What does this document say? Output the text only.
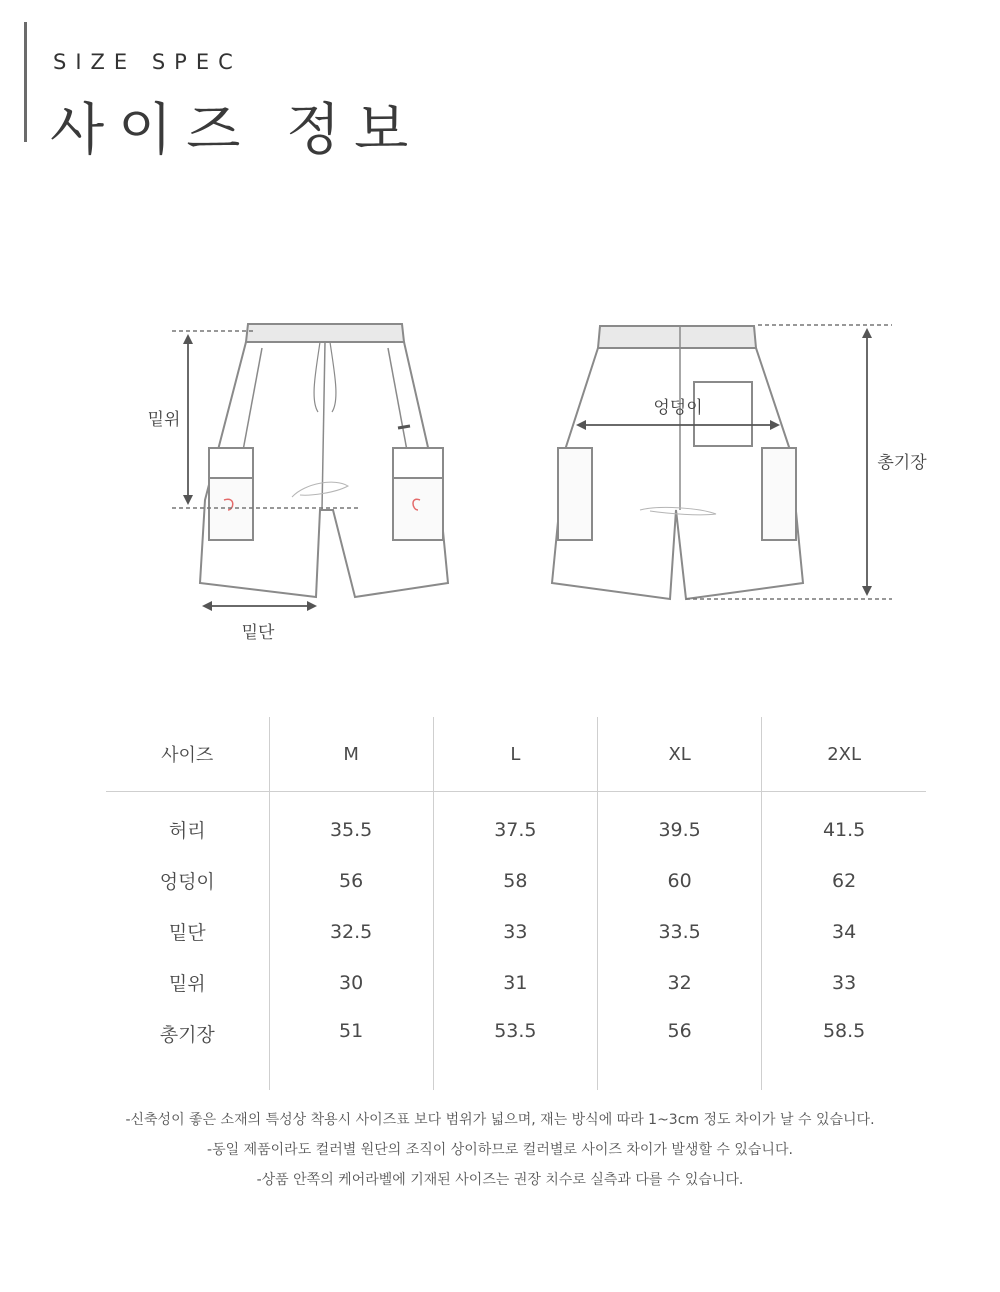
SIZE SPEC
사이즈 정보
밑위
밑단
엉덩이
총기장
사이즈	M	L	XL	2XL
허리	35.5	37.5	39.5	41.5
엉덩이	56	58	60	62
밑단	32.5	33	33.5	34
밑위	30	31	32	33
총기장	51	53.5	56	58.5
-신축성이 좋은 소재의 특성상 착용시 사이즈표 보다 범위가 넓으며, 재는 방식에 따라 1~3cm 정도 차이가 날 수 있습니다.
-동일 제품이라도 컬러별 원단의 조직이 상이하므로 컬러별로 사이즈 차이가 발생할 수 있습니다.
-상품 안쪽의 케어라벨에 기재된 사이즈는 권장 치수로 실측과 다를 수 있습니다.
